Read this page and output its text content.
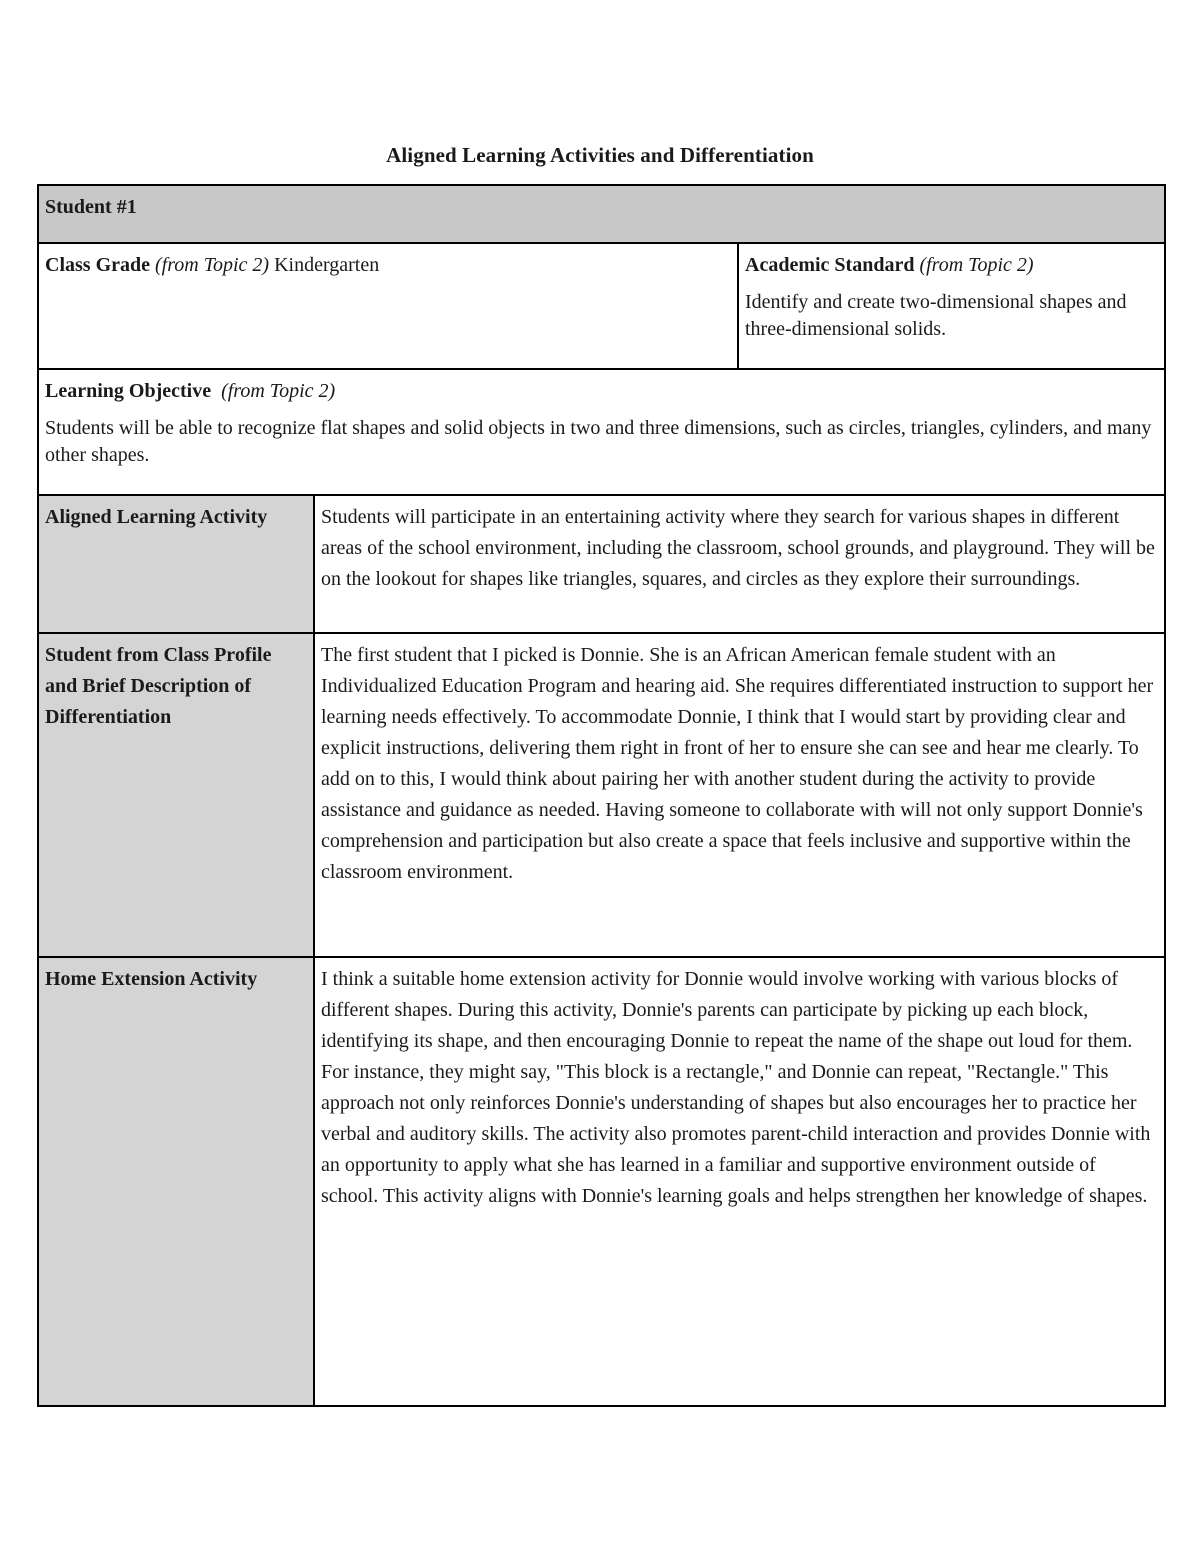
Aligned Learning Activities and Differentiation
Student #1		
Class Grade (from Topic 2) Kindergarten		Academic Standard (from Topic 2)
Identify and create two-dimensional shapes and three-dimensional solids.

Learning Objective (from Topic 2)
Students will be able to recognize flat shapes and solid objects in two and three dimensions, such as circles, triangles, cylinders, and many other shapes.		

Aligned Learning Activity	Students will participate in an entertaining activity where they search for various shapes in different areas of the school environment, including the classroom, school grounds, and playground. They will be on the lookout for shapes like triangles, squares, and circles as they explore their surroundings.	
Student from Class Profile and Brief Description of Differentiation	The first student that I picked is Donnie. She is an African American female student with an Individualized Education Program and hearing aid. She requires differentiated instruction to support her learning needs effectively. To accommodate Donnie, I think that I would start by providing clear and explicit instructions, delivering them right in front of her to ensure she can see and hear me clearly. To add on to this, I would think about pairing her with another student during the activity to provide assistance and guidance as needed. Having someone to collaborate with will not only support Donnie's comprehension and participation but also create a space that feels inclusive and supportive within the classroom environment.	
Home Extension Activity	I think a suitable home extension activity for Donnie would involve working with various blocks of different shapes. During this activity, Donnie's parents can participate by picking up each block, identifying its shape, and then encouraging Donnie to repeat the name of the shape out loud for them. For instance, they might say, "This block is a rectangle," and Donnie can repeat, "Rectangle." This approach not only reinforces Donnie's understanding of shapes but also encourages her to practice her verbal and auditory skills. The activity also promotes parent-child interaction and provides Donnie with an opportunity to apply what she has learned in a familiar and supportive environment outside of school. This activity aligns with Donnie's learning goals and helps strengthen her knowledge of shapes.	
